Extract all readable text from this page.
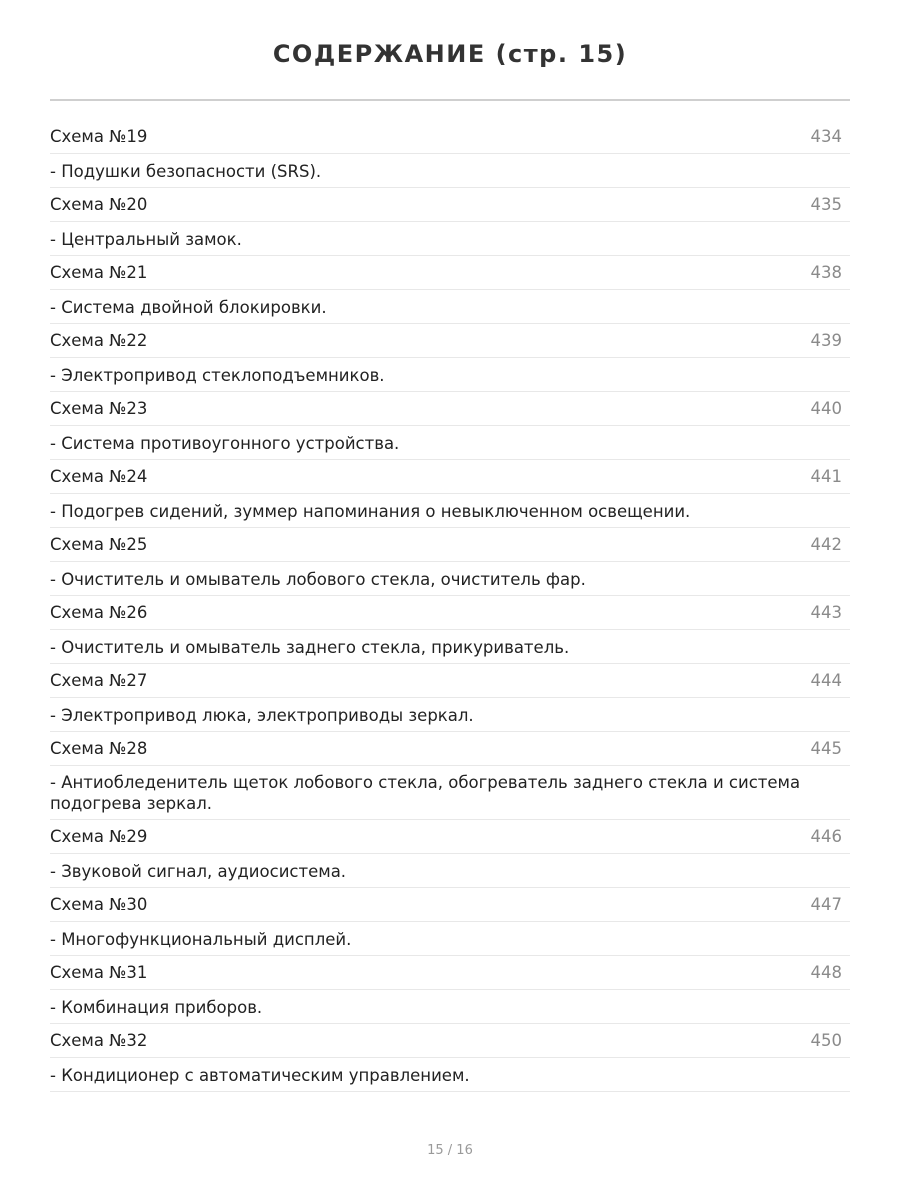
СОДЕРЖАНИЕ (стр. 15)
Схема №19	434
- Подушки безопасности (SRS).
Схема №20	435
- Центральный замок.
Схема №21	438
- Система двойной блокировки.
Схема №22	439
- Электропривод стеклоподъемников.
Схема №23	440
- Система противоугонного устройства.
Схема №24	441
- Подогрев сидений, зуммер напоминания о невыключенном освещении.
Схема №25	442
- Очиститель и омыватель лобового стекла, очиститель фар.
Схема №26	443
- Очиститель и омыватель заднего стекла, прикуриватель.
Схема №27	444
- Электропривод люка, электроприводы зеркал.
Схема №28	445
- Антиобледенитель щеток лобового стекла, обогреватель заднего стекла и система подогрева зеркал.
Схема №29	446
- Звуковой сигнал, аудиосистема.
Схема №30	447
- Многофункциональный дисплей.
Схема №31	448
- Комбинация приборов.
Схема №32	450
- Кондиционер с автоматическим управлением.
15 / 16
